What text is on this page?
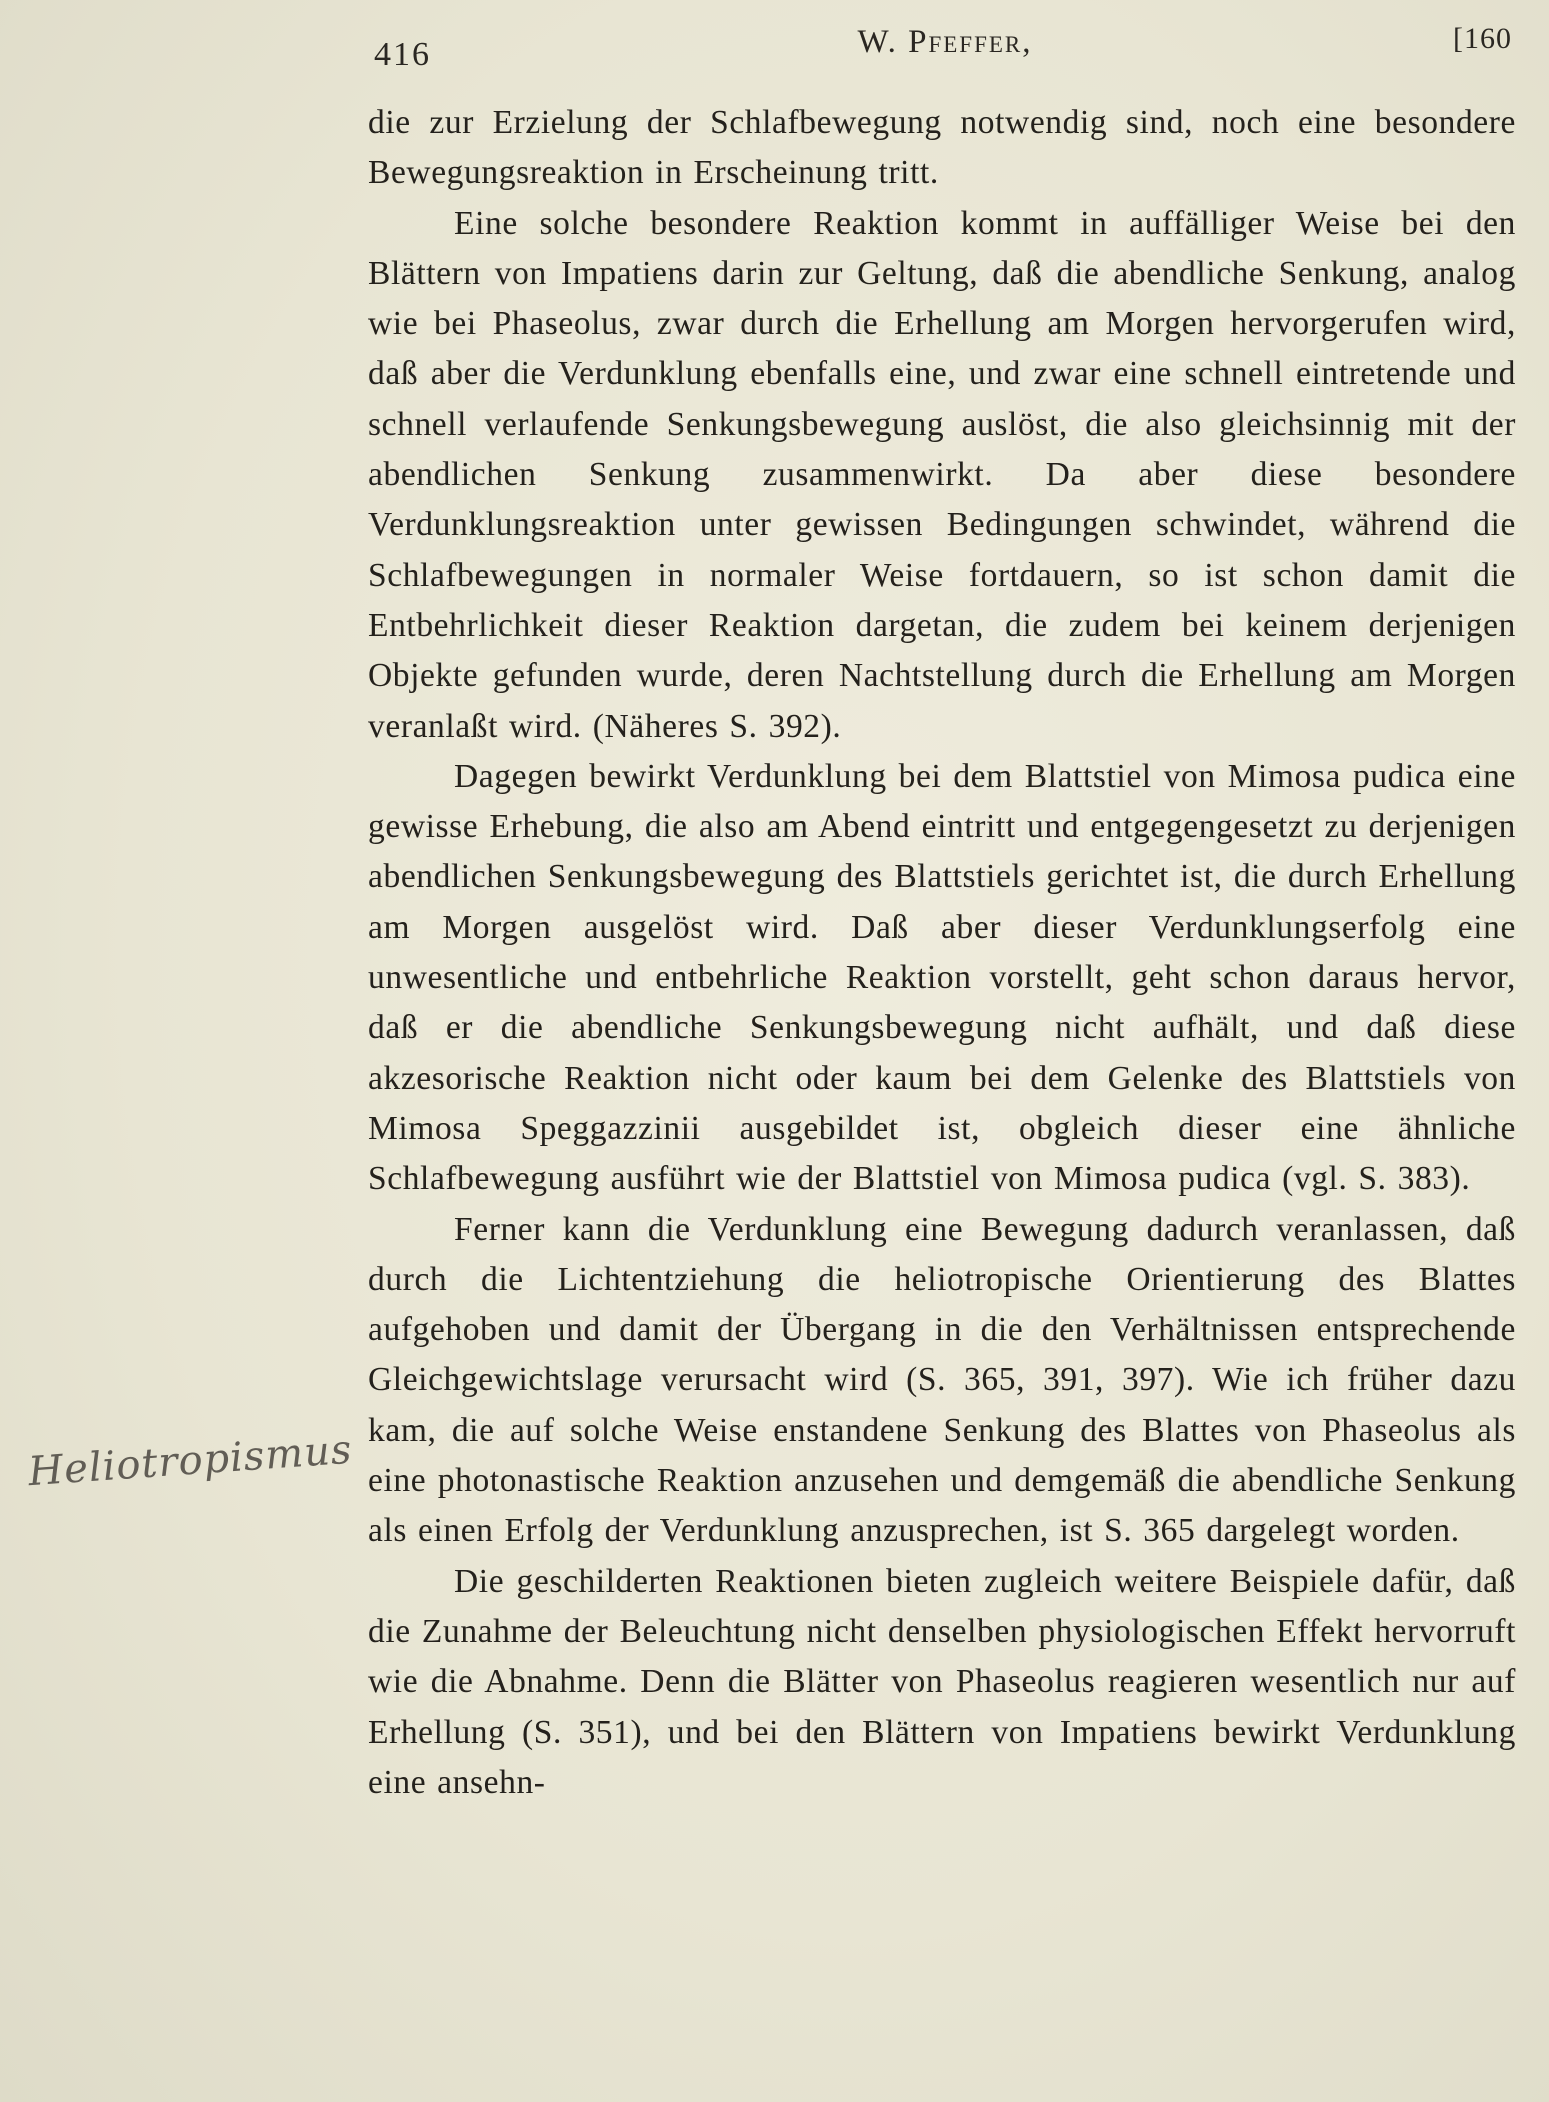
416	W. Pfeffer,	[160

die zur Erzielung der Schlafbewegung notwendig sind, noch eine besondere Bewegungsreaktion in Erscheinung tritt.

Eine solche besondere Reaktion kommt in auffälliger Weise bei den Blättern von Impatiens darin zur Geltung, daß die abendliche Senkung, analog wie bei Phaseolus, zwar durch die Erhellung am Morgen hervorgerufen wird, daß aber die Verdunklung ebenfalls eine, und zwar eine schnell eintretende und schnell verlaufende Senkungsbewegung auslöst, die also gleichsinnig mit der abendlichen Senkung zusammenwirkt. Da aber diese besondere Verdunklungsreaktion unter gewissen Bedingungen schwindet, während die Schlafbewegungen in normaler Weise fortdauern, so ist schon damit die Entbehrlichkeit dieser Reaktion dargetan, die zudem bei keinem derjenigen Objekte gefunden wurde, deren Nachtstellung durch die Erhellung am Morgen veranlaßt wird. (Näheres S. 392).

Dagegen bewirkt Verdunklung bei dem Blattstiel von Mimosa pudica eine gewisse Erhebung, die also am Abend eintritt und entgegengesetzt zu derjenigen abendlichen Senkungsbewegung des Blattstiels gerichtet ist, die durch Erhellung am Morgen ausgelöst wird. Daß aber dieser Verdunklungserfolg eine unwesentliche und entbehrliche Reaktion vorstellt, geht schon daraus hervor, daß er die abendliche Senkungsbewegung nicht aufhält, und daß diese akzesorische Reaktion nicht oder kaum bei dem Gelenke des Blattstiels von Mimosa Speggazzinii ausgebildet ist, obgleich dieser eine ähnliche Schlafbewegung ausführt wie der Blattstiel von Mimosa pudica (vgl. S. 383).

Ferner kann die Verdunklung eine Bewegung dadurch veranlassen, daß durch die Lichtentziehung die heliotropische Orientierung des Blattes aufgehoben und damit der Übergang in die den Verhältnissen entsprechende Gleichgewichtslage verursacht wird (S. 365, 391, 397). Wie ich früher dazu kam, die auf solche Weise enstandene Senkung des Blattes von Phaseolus als eine photonastische Reaktion anzusehen und demgemäß die abendliche Senkung als einen Erfolg der Verdunklung anzusprechen, ist S. 365 dargelegt worden.

Die geschilderten Reaktionen bieten zugleich weitere Beispiele dafür, daß die Zunahme der Beleuchtung nicht denselben physiologischen Effekt hervorruft wie die Abnahme. Denn die Blätter von Phaseolus reagieren wesentlich nur auf Erhellung (S. 351), und bei den Blättern von Impatiens bewirkt Verdunklung eine ansehn-

Heliotropismus
